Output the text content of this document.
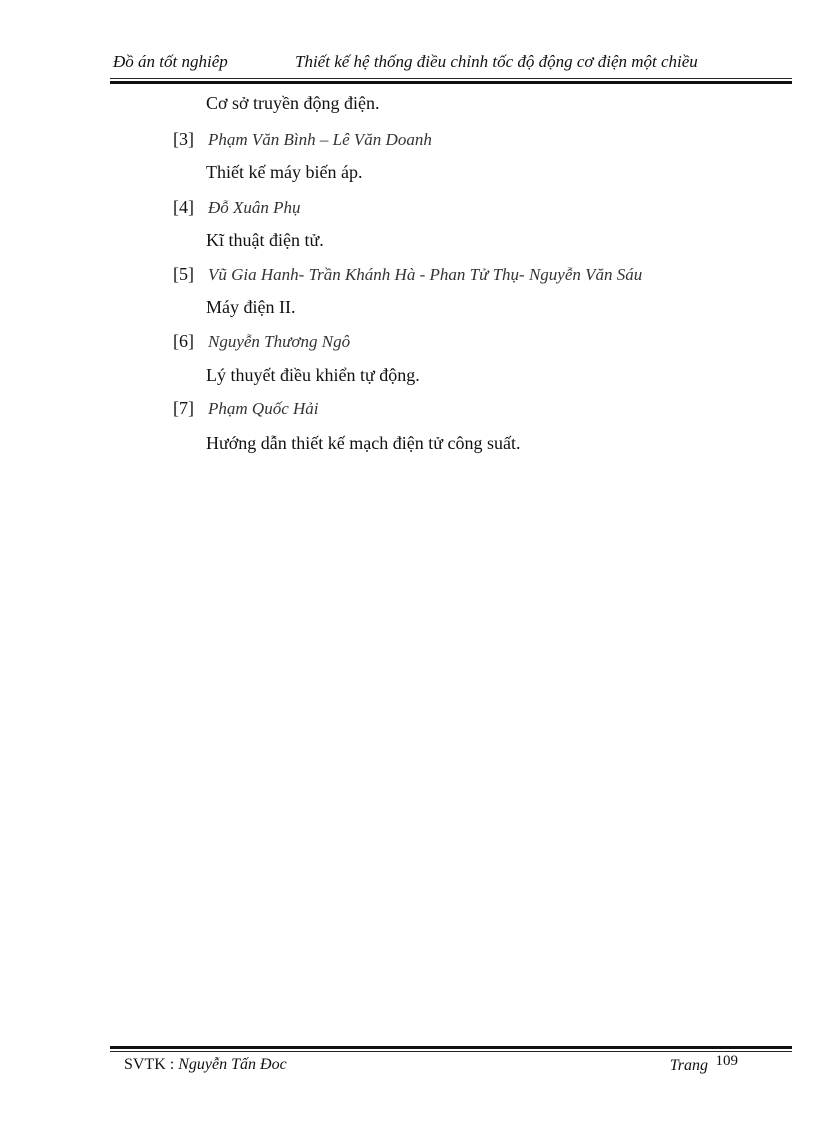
Đồ án tốt nghiêp	Thiết kế hệ thống điều chỉnh tốc độ động cơ điện một chiều
Cơ sở truyền động điện.
[3] Phạm Văn Bình – Lê Văn Doanh
Thiết kế máy biến áp.
[4] Đỗ Xuân Phụ
Kĩ thuật điện tử.
[5] Vũ Gia Hanh- Trần Khánh Hà - Phan Tử Thụ- Nguyễn Văn Sáu
Máy điện II.
[6] Nguyễn Thương Ngô
Lý thuyết điều khiển tự động.
[7] Phạm Quốc Hải
Hướng dẫn thiết kế mạch điện tử công suất.
SVTK : Nguyễn Tấn Đoc	Trang 109
